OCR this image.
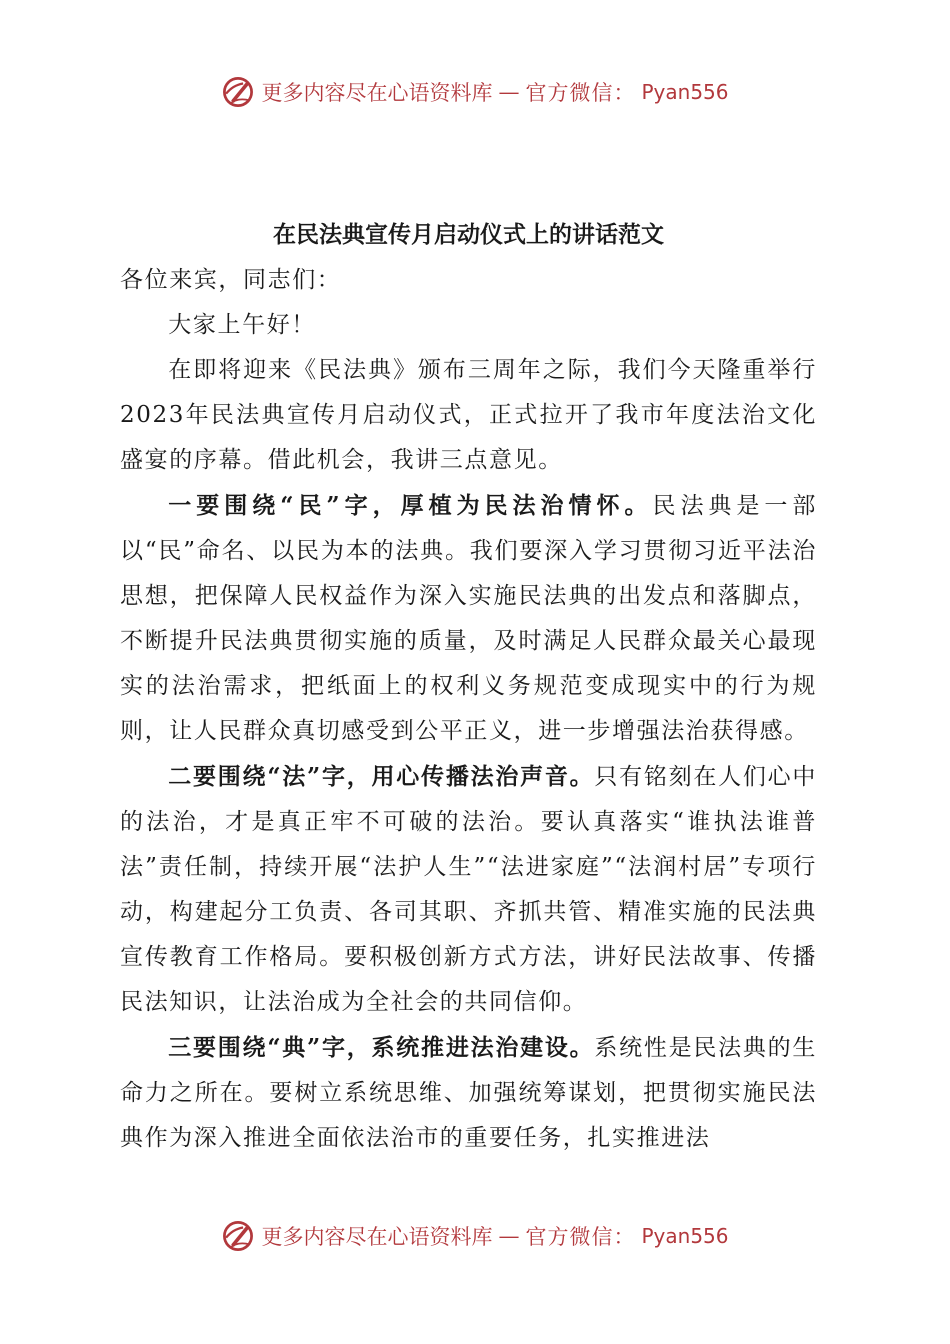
更多内容尽在心语资料库 — 官方微信： Pyan556
在民法典宣传月启动仪式上的讲话范文

各位来宾，同志们：

大家上午好！

在即将迎来《民法典》颁布三周年之际，我们今天隆重举行2023年民法典宣传月启动仪式，正式拉开了我市年度法治文化盛宴的序幕。借此机会，我讲三点意见。

一要围绕“民”字，厚植为民法治情怀。民法典是一部以“民”命名、以民为本的法典。我们要深入学习贯彻习近平法治思想，把保障人民权益作为深入实施民法典的出发点和落脚点，不断提升民法典贯彻实施的质量，及时满足人民群众最关心最现实的法治需求，把纸面上的权利义务规范变成现实中的行为规则，让人民群众真切感受到公平正义，进一步增强法治获得感。

二要围绕“法”字，用心传播法治声音。只有铭刻在人们心中的法治，才是真正牢不可破的法治。要认真落实“谁执法谁普法”责任制，持续开展“法护人生”“法进家庭”“法润村居”专项行动，构建起分工负责、各司其职、齐抓共管、精准实施的民法典宣传教育工作格局。要积极创新方式方法，讲好民法故事、传播民法知识，让法治成为全社会的共同信仰。

三要围绕“典”字，系统推进法治建设。系统性是民法典的生命力之所在。要树立系统思维、加强统筹谋划，把贯彻实施民法典作为深入推进全面依法治市的重要任务，扎实推进法

更多内容尽在心语资料库 — 官方微信： Pyan556
